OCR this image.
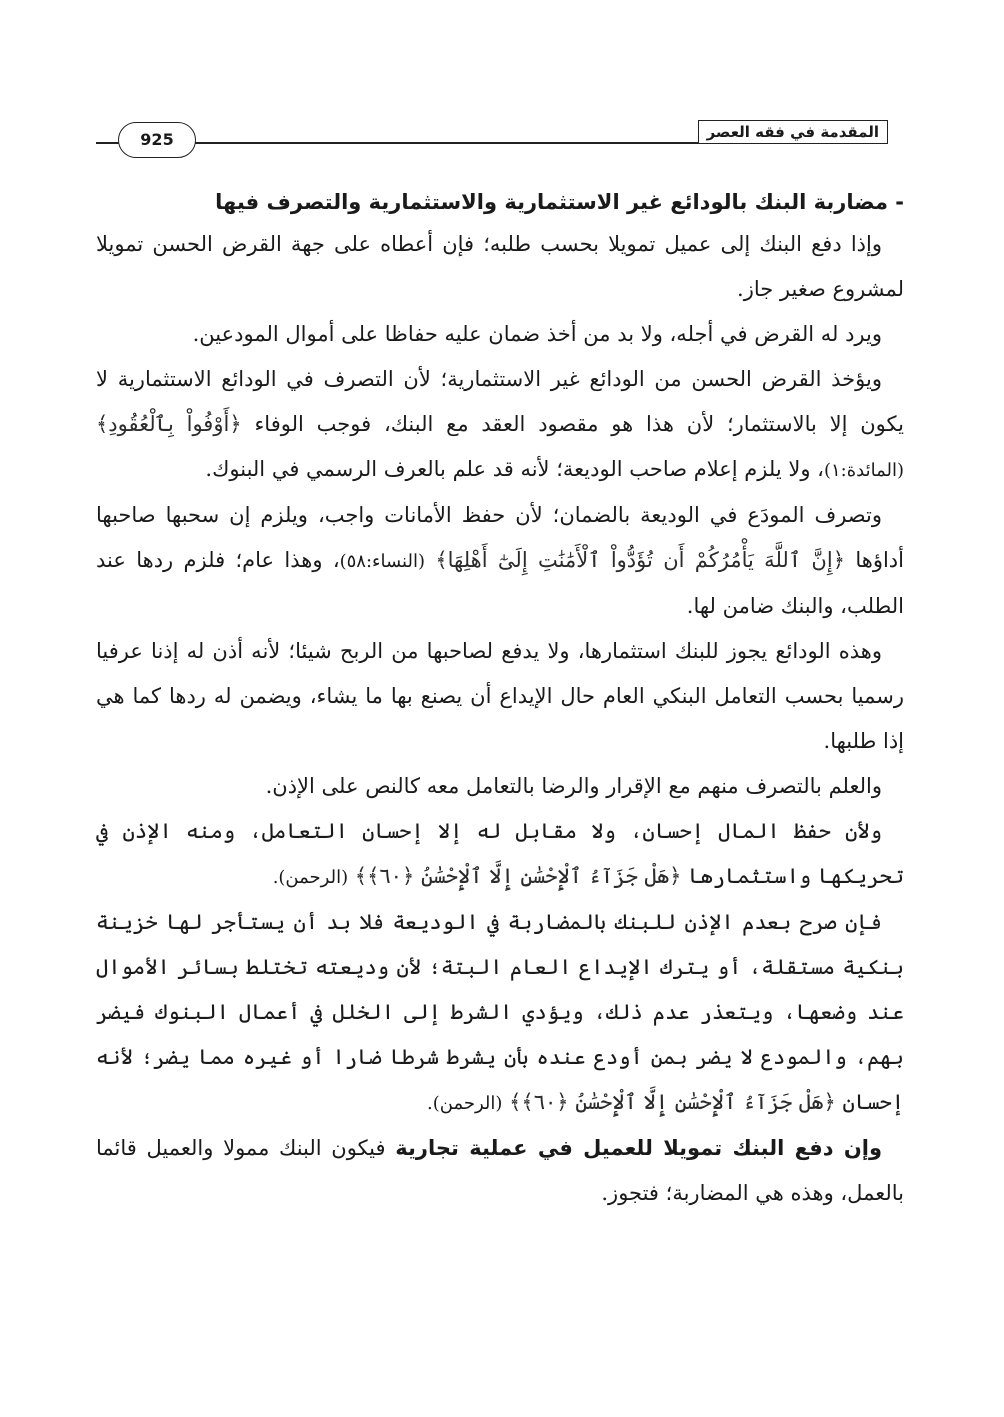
المقدمة في فقه العصر
925

- مضاربة البنك بالودائع غير الاستثمارية والاستثمارية والتصرف فيها

وإذا دفع البنك إلى عميل تمويلا بحسب طلبه؛ فإن أعطاه على جهة القرض الحسن تمويلا لمشروع صغير جاز.

ويرد له القرض في أجله، ولا بد من أخذ ضمان عليه حفاظا على أموال المودعين.

ويؤخذ القرض الحسن من الودائع غير الاستثمارية؛ لأن التصرف في الودائع الاستثمارية لا يكون إلا بالاستثمار؛ لأن هذا هو مقصود العقد مع البنك، فوجب الوفاء ﴿أَوْفُواْ بِٱلْعُقُودِ﴾ (المائدة:١)، ولا يلزم إعلام صاحب الوديعة؛ لأنه قد علم بالعرف الرسمي في البنوك.

وتصرف المودَع في الوديعة بالضمان؛ لأن حفظ الأمانات واجب، ويلزم إن سحبها صاحبها أداؤها ﴿إِنَّ ٱللَّهَ يَأْمُرُكُمْ أَن تُؤَدُّواْ ٱلْأَمَٰنَٰتِ إِلَىٰٓ أَهْلِهَا﴾ (النساء:٥٨)، وهذا عام؛ فلزم ردها عند الطلب، والبنك ضامن لها.

وهذه الودائع يجوز للبنك استثمارها، ولا يدفع لصاحبها من الربح شيئا؛ لأنه أذن له إذنا عرفيا رسميا بحسب التعامل البنكي العام حال الإيداع أن يصنع بها ما يشاء، ويضمن له ردها كما هي إذا طلبها.

والعلم بالتصرف منهم مع الإقرار والرضا بالتعامل معه كالنص على الإذن.

ولأن حفظ المال إحسان، ولا مقابل له إلا إحسان التعامل، ومنه الإذن في تحريكها واستثمارها ﴿هَلْ جَزَآءُ ٱلْإِحْسَٰنِ إِلَّا ٱلْإِحْسَٰنُ ﴿٦٠﴾﴾ (الرحمن).

فإن صرح بعدم الإذن للبنك بالمضاربة في الوديعة فلا بد أن يستأجر لها خزينة بنكية مستقلة، أو يترك الإيداع العام البتة؛ لأن وديعته تختلط بسائر الأموال عند وضعها، ويتعذر عدم ذلك، ويؤدي الشرط إلى الخلل في أعمال البنوك فيضر بهم، والمودع لا يضر بمن أودع عنده بأن يشرط شرطا ضارا أو غيره مما يضر؛ لأنه إحسان ﴿هَلْ جَزَآءُ ٱلْإِحْسَٰنِ إِلَّا ٱلْإِحْسَٰنُ ﴿٦٠﴾﴾ (الرحمن).

وإن دفع البنك تمويلا للعميل في عملية تجارية فيكون البنك ممولا والعميل قائما بالعمل، وهذه هي المضاربة؛ فتجوز.
